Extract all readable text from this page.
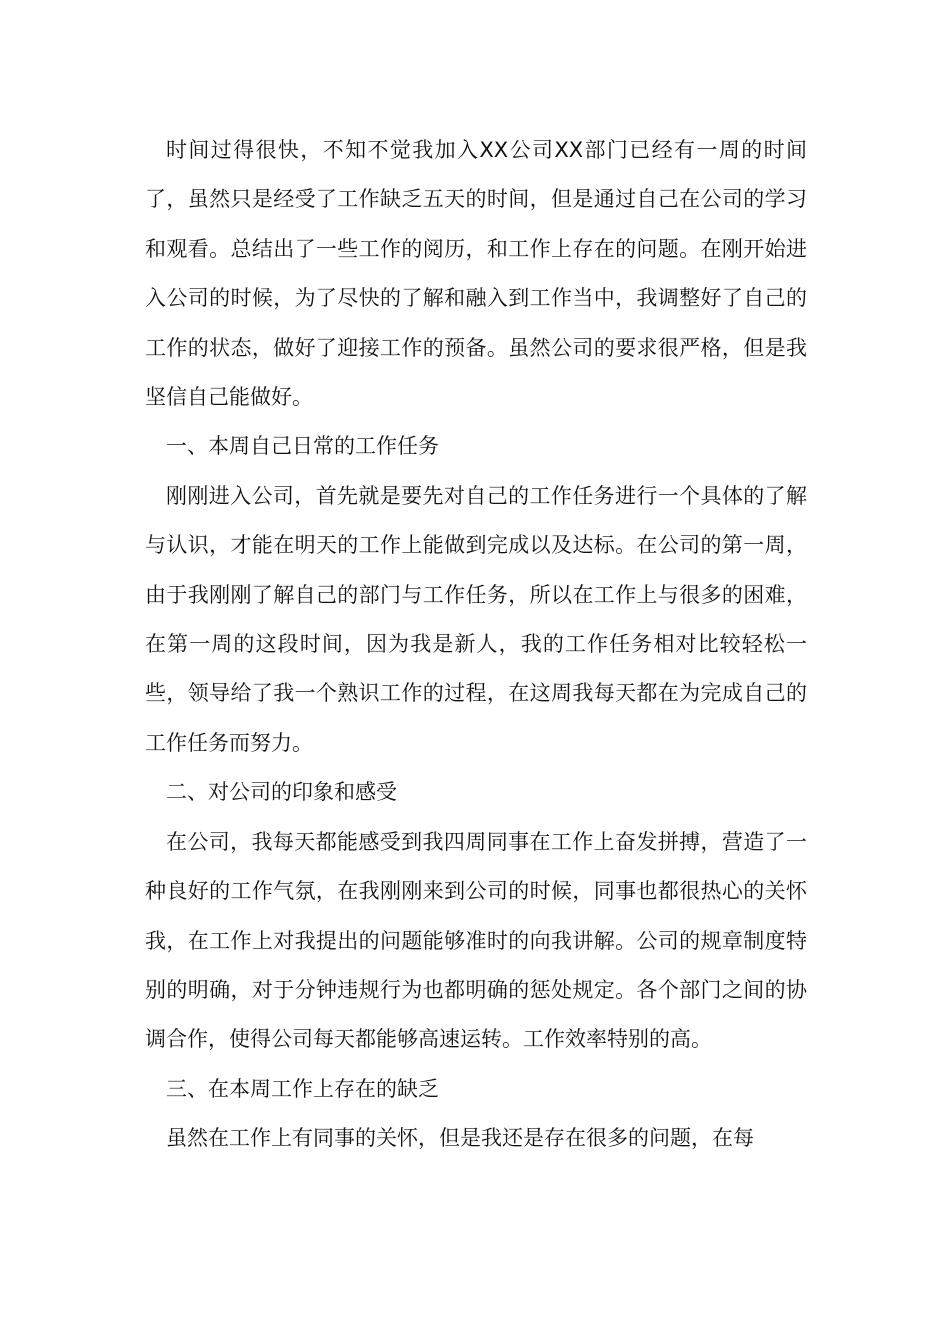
时间过得很快，不知不觉我加入XX公司XX部门已经有一周的时间了，虽然只是经受了工作缺乏五天的时间，但是通过自己在公司的学习和观看。总结出了一些工作的阅历，和工作上存在的问题。在刚开始进入公司的时候，为了尽快的了解和融入到工作当中，我调整好了自己的工作的状态，做好了迎接工作的预备。虽然公司的要求很严格，但是我坚信自己能做好。

一、本周自己日常的工作任务

刚刚进入公司，首先就是要先对自己的工作任务进行一个具体的了解与认识，才能在明天的工作上能做到完成以及达标。在公司的第一周，由于我刚刚了解自己的部门与工作任务，所以在工作上与很多的困难，在第一周的这段时间，因为我是新人，我的工作任务相对比较轻松一些，领导给了我一个熟识工作的过程，在这周我每天都在为完成自己的工作任务而努力。

二、对公司的印象和感受

在公司，我每天都能感受到我四周同事在工作上奋发拼搏，营造了一种良好的工作气氛，在我刚刚来到公司的时候，同事也都很热心的关怀我，在工作上对我提出的问题能够准时的向我讲解。公司的规章制度特别的明确，对于分钟违规行为也都明确的惩处规定。各个部门之间的协调合作，使得公司每天都能够高速运转。工作效率特别的高。

三、在本周工作上存在的缺乏

虽然在工作上有同事的关怀，但是我还是存在很多的问题，在每
